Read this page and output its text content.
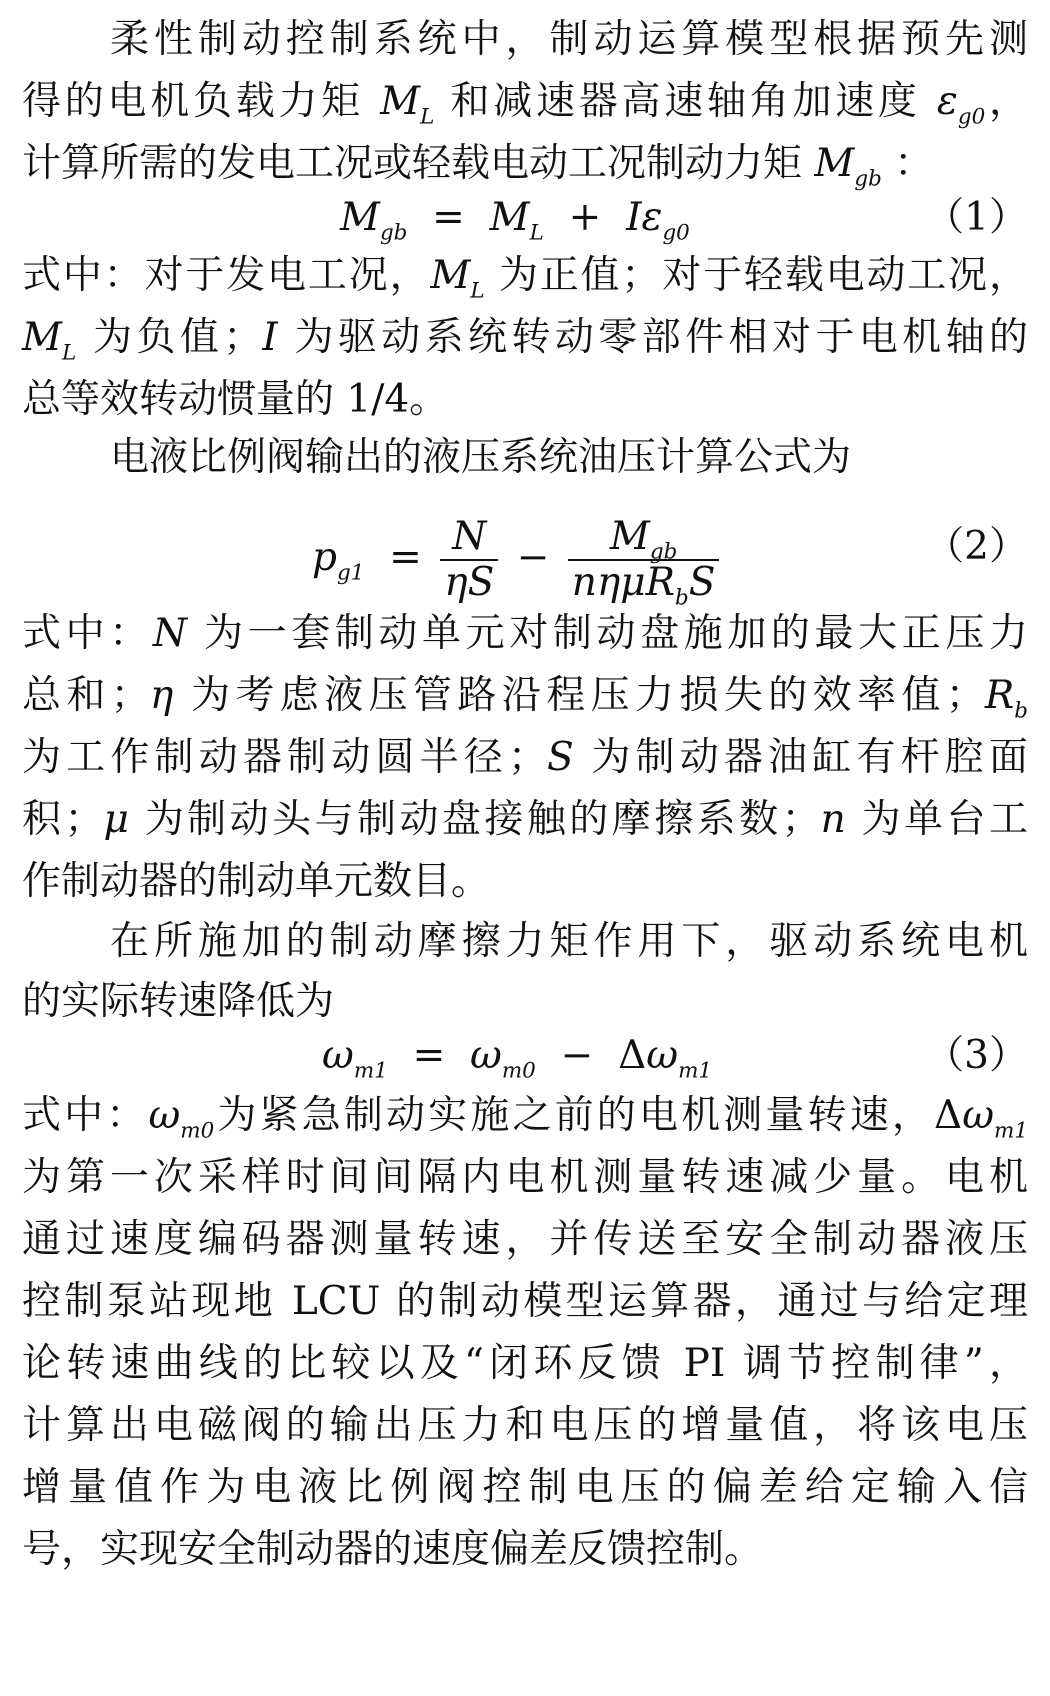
柔性制动控制系统中，制动运算模型根据预先测
得的电机负载力矩 $M_L$ 和减速器高速轴角加速度 $\varepsilon_{g0}$，
计算所需的发电工况或轻载电动工况制动力矩 $M_{gb}$ ：
$M_{gb} = M_L + I\varepsilon_{g0}$	（1）
式中：对于发电工况，$M_L$ 为正值；对于轻载电动工况，
$M_L$ 为负值；I 为驱动系统转动零部件相对于电机轴的
总等效转动惯量的 1/4。
电液比例阀输出的液压系统油压计算公式为
$p_{g1} = \frac{N}{\eta S} - \frac{M_{gb}}{n\eta\mu R_bS}$	（2）
式中：N 为一套制动单元对制动盘施加的最大正压力
总和；η 为考虑液压管路沿程压力损失的效率值；$R_b$
为工作制动器制动圆半径；S 为制动器油缸有杆腔面
积；μ 为制动头与制动盘接触的摩擦系数；n 为单台工
作制动器的制动单元数目。
在所施加的制动摩擦力矩作用下，驱动系统电机
的实际转速降低为
$\omega_{m1} = \omega_{m0} - \Delta\omega_{m1}$	（3）
式中：$\omega_{m0}$为紧急制动实施之前的电机测量转速，$\Delta\omega_{m1}$
为第一次采样时间间隔内电机测量转速减少量。电机
通过速度编码器测量转速，并传送至安全制动器液压
控制泵站现地 LCU 的制动模型运算器，通过与给定理
论转速曲线的比较以及“闭环反馈 PI 调节控制律”，
计算出电磁阀的输出压力和电压的增量值，将该电压
增量值作为电液比例阀控制电压的偏差给定输入信
号，实现安全制动器的速度偏差反馈控制。
